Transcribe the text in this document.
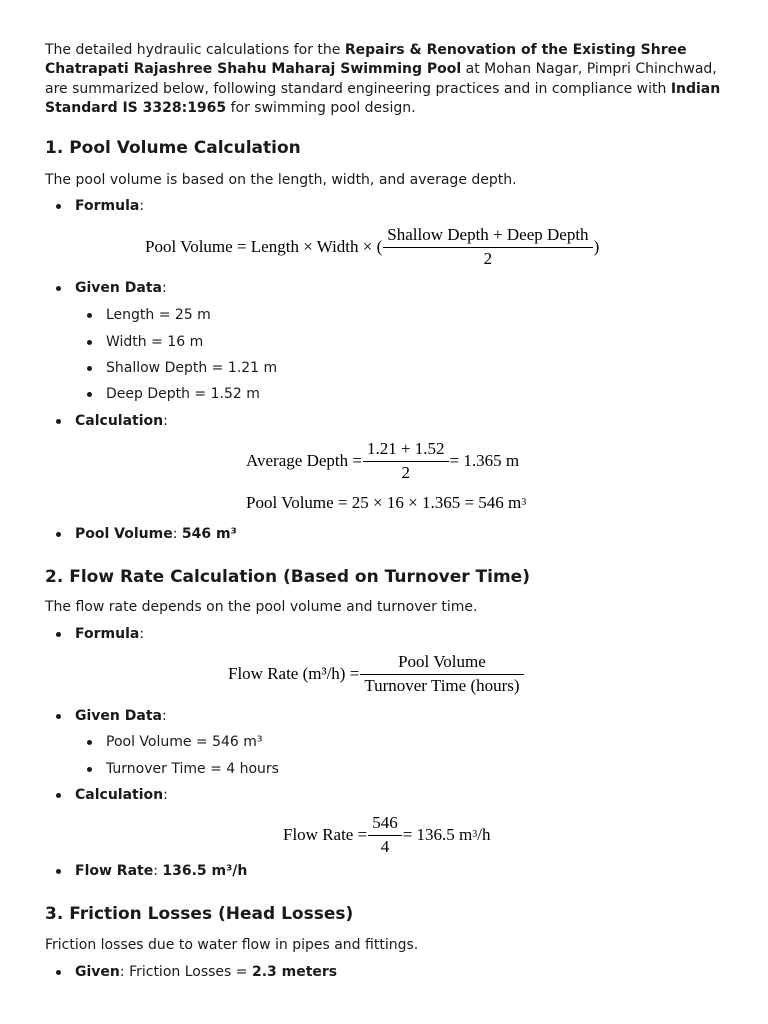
The detailed hydraulic calculations for the Repairs & Renovation of the Existing Shree Chatrapati Rajashree Shahu Maharaj Swimming Pool at Mohan Nagar, Pimpri Chinchwad, are summarized below, following standard engineering practices and in compliance with Indian Standard IS 3328:1965 for swimming pool design.

1. Pool Volume Calculation
The pool volume is based on the length, width, and average depth.
Formula:
Pool Volume = Length × Width × ( $\frac{\text{Shallow Depth + Deep Depth}}{2}$ )
Given Data:
Length = 25 m
Width = 16 m
Shallow Depth = 1.21 m
Deep Depth = 1.52 m
Calculation:
Average Depth = $\frac{1.21 + 1.52}{2} = 1.365$ m
Pool Volume = 25 × 16 × 1.365 = 546 m 3
Pool Volume: 546 m³
2. Flow Rate Calculation (Based on Turnover Time)
The flow rate depends on the pool volume and turnover time.
Formula:
Flow Rate $(m^3/h) = \frac{\text{Pool Volume}}{\text{Turnover Time (hours)}}$
Given Data:
Pool Volume = 546 m³
Turnover Time = 4 hours
Calculation:
Flow Rate = $\frac{546}{4} = 136.5$ m 3 /h
Flow Rate: 136.5 m³/h
3. Friction Losses (Head Losses)
Friction losses due to water flow in pipes and fittings.
Given: Friction Losses = 2.3 meters
